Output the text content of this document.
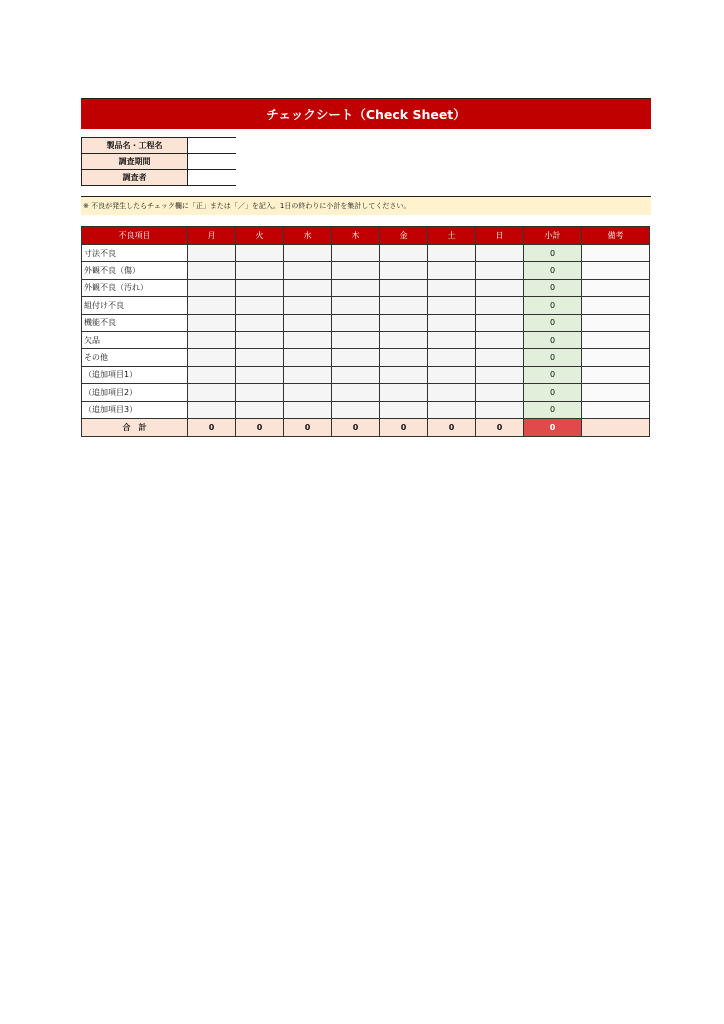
チェックシート（Check Sheet）
製品名・工程名	
調査期間	
調査者	
※ 不良が発生したらチェック欄に「正」または「／」を記入。1日の終わりに小計を集計してください。
不良項目	月	火	水	木	金	土	日	小計	備考
寸法不良								0	
外観不良（傷）								0	
外観不良（汚れ）								0	
組付け不良								0	
機能不良								0	
欠品								0	
その他								0	
（追加項目1）								0	
（追加項目2）								0	
（追加項目3）								0	
合　計	0	0	0	0	0	0	0	0	
